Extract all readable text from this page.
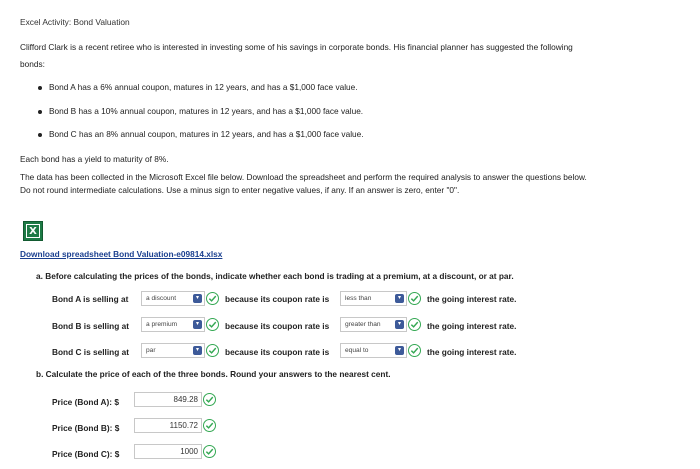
Excel Activity: Bond Valuation
Clifford Clark is a recent retiree who is interested in investing some of his savings in corporate bonds. His financial planner has suggested the following
bonds:
Bond A has a 6% annual coupon, matures in 12 years, and has a $1,000 face value.
Bond B has a 10% annual coupon, matures in 12 years, and has a $1,000 face value.
Bond C has an 8% annual coupon, matures in 12 years, and has a $1,000 face value.
Each bond has a yield to maturity of 8%.
The data has been collected in the Microsoft Excel file below. Download the spreadsheet and perform the required analysis to answer the questions below.
Do not round intermediate calculations. Use a minus sign to enter negative values, if any. If an answer is zero, enter "0".
X
Download spreadsheet Bond Valuation-e09814.xlsx
a. Before calculating the prices of the bonds, indicate whether each bond is trading at a premium, at a discount, or at par.
Bond A is selling at	a discount	▾	because its coupon rate is	less than	▾	the going interest rate.
Bond B is selling at	a premium	▾	because its coupon rate is	greater than	▾	the going interest rate.
Bond C is selling at	par	▾	because its coupon rate is	equal to	▾	the going interest rate.
b. Calculate the price of each of the three bonds. Round your answers to the nearest cent.
Price (Bond A): $	849.28
Price (Bond B): $	1150.72
Price (Bond C): $	1000
